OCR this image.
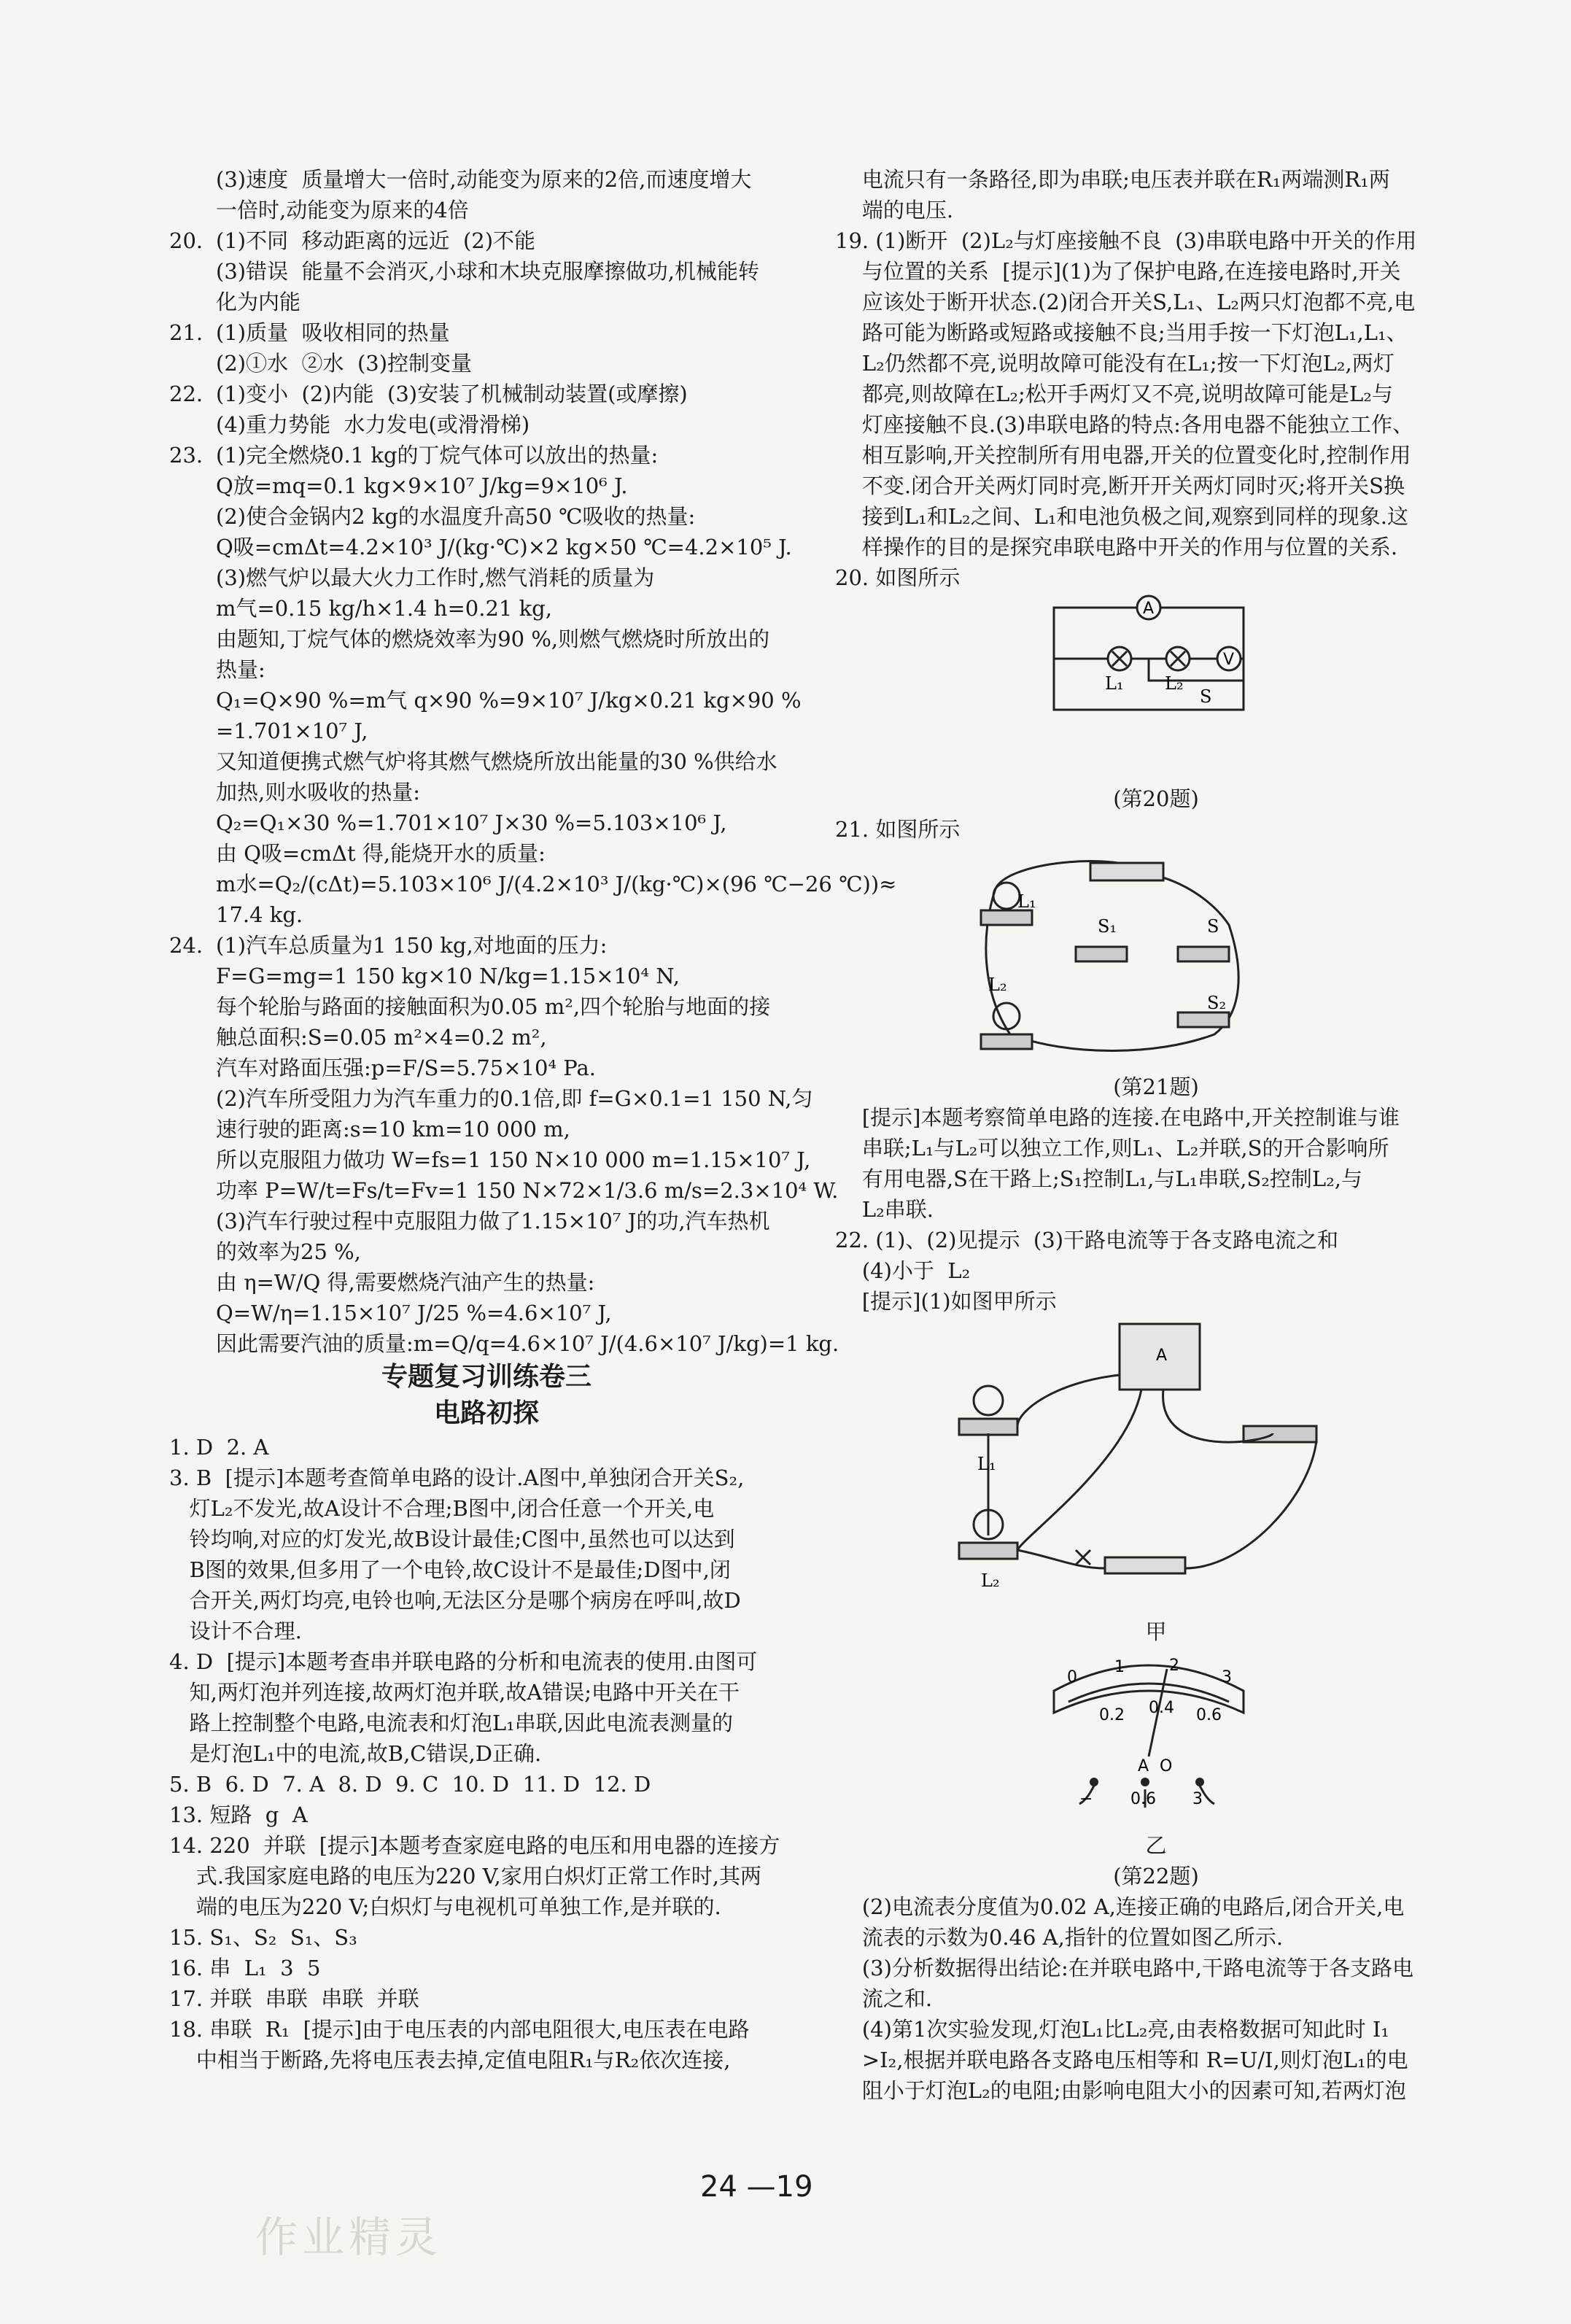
(3)速度  质量增大一倍时,动能变为原来的2倍,而速度增大
一倍时,动能变为原来的4倍
20. (1)不同  移动距离的远近  (2)不能
(3)错误  能量不会消灭,小球和木块克服摩擦做功,机械能转
化为内能
21. (1)质量  吸收相同的热量
(2)①水  ②水  (3)控制变量
22. (1)变小  (2)内能  (3)安装了机械制动装置(或摩擦)
(4)重力势能  水力发电(或滑滑梯)
23. (1)完全燃烧0.1 kg的丁烷气体可以放出的热量:
Q放=mq=0.1 kg×9×10⁷ J/kg=9×10⁶ J.
(2)使合金锅内2 kg的水温度升高50 ℃吸收的热量:
Q吸=cmΔt=4.2×10³ J/(kg·℃)×2 kg×50 ℃=4.2×10⁵ J.
(3)燃气炉以最大火力工作时,燃气消耗的质量为
m气=0.15 kg/h×1.4 h=0.21 kg,
由题知,丁烷气体的燃烧效率为90 %,则燃气燃烧时所放出的
热量:
Q₁=Q×90 %=m气 q×90 %=9×10⁷ J/kg×0.21 kg×90 %
=1.701×10⁷ J,
又知道便携式燃气炉将其燃气燃烧所放出能量的30 %供给水
加热,则水吸收的热量:
Q₂=Q₁×30 %=1.701×10⁷ J×30 %=5.103×10⁶ J,
由 Q吸=cmΔt 得,能烧开水的质量:
m水=Q₂/(cΔt)=5.103×10⁶ J/(4.2×10³ J/(kg·℃)×(96 ℃−26 ℃))≈
17.4 kg.
24. (1)汽车总质量为1 150 kg,对地面的压力:
F=G=mg=1 150 kg×10 N/kg=1.15×10⁴ N,
每个轮胎与路面的接触面积为0.05 m²,四个轮胎与地面的接
触总面积:S=0.05 m²×4=0.2 m²,
汽车对路面压强:p=F/S=5.75×10⁴ Pa.
(2)汽车所受阻力为汽车重力的0.1倍,即 f=G×0.1=1 150 N,匀
速行驶的距离:s=10 km=10 000 m,
所以克服阻力做功 W=fs=1 150 N×10 000 m=1.15×10⁷ J,
功率 P=W/t=Fs/t=Fv=1 150 N×72×1/3.6 m/s=2.3×10⁴ W.
(3)汽车行驶过程中克服阻力做了1.15×10⁷ J的功,汽车热机
的效率为25 %,
由 η=W/Q 得,需要燃烧汽油产生的热量:
Q=W/η=1.15×10⁷ J/25 %=4.6×10⁷ J,
因此需要汽油的质量:m=Q/q=4.6×10⁷ J/(4.6×10⁷ J/kg)=1 kg.
专题复习训练卷三
电路初探
1. D  2. A
3. B  [提示]本题考查简单电路的设计.A图中,单独闭合开关S₂,
灯L₂不发光,故A设计不合理;B图中,闭合任意一个开关,电
铃均响,对应的灯发光,故B设计最佳;C图中,虽然也可以达到
B图的效果,但多用了一个电铃,故C设计不是最佳;D图中,闭
合开关,两灯均亮,电铃也响,无法区分是哪个病房在呼叫,故D
设计不合理.
4. D  [提示]本题考查串并联电路的分析和电流表的使用.由图可
知,两灯泡并列连接,故两灯泡并联,故A错误;电路中开关在干
路上控制整个电路,电流表和灯泡L₁串联,因此电流表测量的
是灯泡L₁中的电流,故B,C错误,D正确.
5. B  6. D  7. A  8. D  9. C  10. D  11. D  12. D
13. 短路  g  A
14. 220  并联  [提示]本题考查家庭电路的电压和用电器的连接方
式.我国家庭电路的电压为220 V,家用白炽灯正常工作时,其两
端的电压为220 V;白炽灯与电视机可单独工作,是并联的.
15. S₁、S₂  S₁、S₃
16. 串  L₁  3  5
17. 并联  串联  串联  并联
18. 串联  R₁  [提示]由于电压表的内部电阻很大,电压表在电路
中相当于断路,先将电压表去掉,定值电阻R₁与R₂依次连接,
电流只有一条路径,即为串联;电压表并联在R₁两端测R₁两
端的电压.
19. (1)断开  (2)L₂与灯座接触不良  (3)串联电路中开关的作用
与位置的关系  [提示](1)为了保护电路,在连接电路时,开关
应该处于断开状态.(2)闭合开关S,L₁、L₂两只灯泡都不亮,电
路可能为断路或短路或接触不良;当用手按一下灯泡L₁,L₁、
L₂仍然都不亮,说明故障可能没有在L₁;按一下灯泡L₂,两灯
都亮,则故障在L₂;松开手两灯又不亮,说明故障可能是L₂与
灯座接触不良.(3)串联电路的特点:各用电器不能独立工作、
相互影响,开关控制所有用电器,开关的位置变化时,控制作用
不变.闭合开关两灯同时亮,断开开关两灯同时灭;将开关S换
接到L₁和L₂之间、L₁和电池负极之间,观察到同样的现象.这
样操作的目的是探究串联电路中开关的作用与位置的关系.
20. 如图所示
A
V
L₁ L₂
S
(第20题)
21. 如图所示
L₁
S₁	S
S₂
L₂
(第21题)
[提示]本题考察简单电路的连接.在电路中,开关控制谁与谁
串联;L₁与L₂可以独立工作,则L₁、L₂并联,S的开合影响所
有用电器,S在干路上;S₁控制L₁,与L₁串联,S₂控制L₂,与
L₂串联.
22. (1)、(2)见提示  (3)干路电流等于各支路电流之和
(4)小于  L₂
[提示](1)如图甲所示
A
L₁
L₂
甲
0
1	2
3
0.2 0.4 0.6
A O
0.6 3
−
乙
(第22题)
(2)电流表分度值为0.02 A,连接正确的电路后,闭合开关,电
流表的示数为0.46 A,指针的位置如图乙所示.
(3)分析数据得出结论:在并联电路中,干路电流等于各支路电
流之和.
(4)第1次实验发现,灯泡L₁比L₂亮,由表格数据可知此时 I₁
>I₂,根据并联电路各支路电压相等和 R=U/I,则灯泡L₁的电
阻小于灯泡L₂的电阻;由影响电阻大小的因素可知,若两灯泡
24 —19
作业精灵
